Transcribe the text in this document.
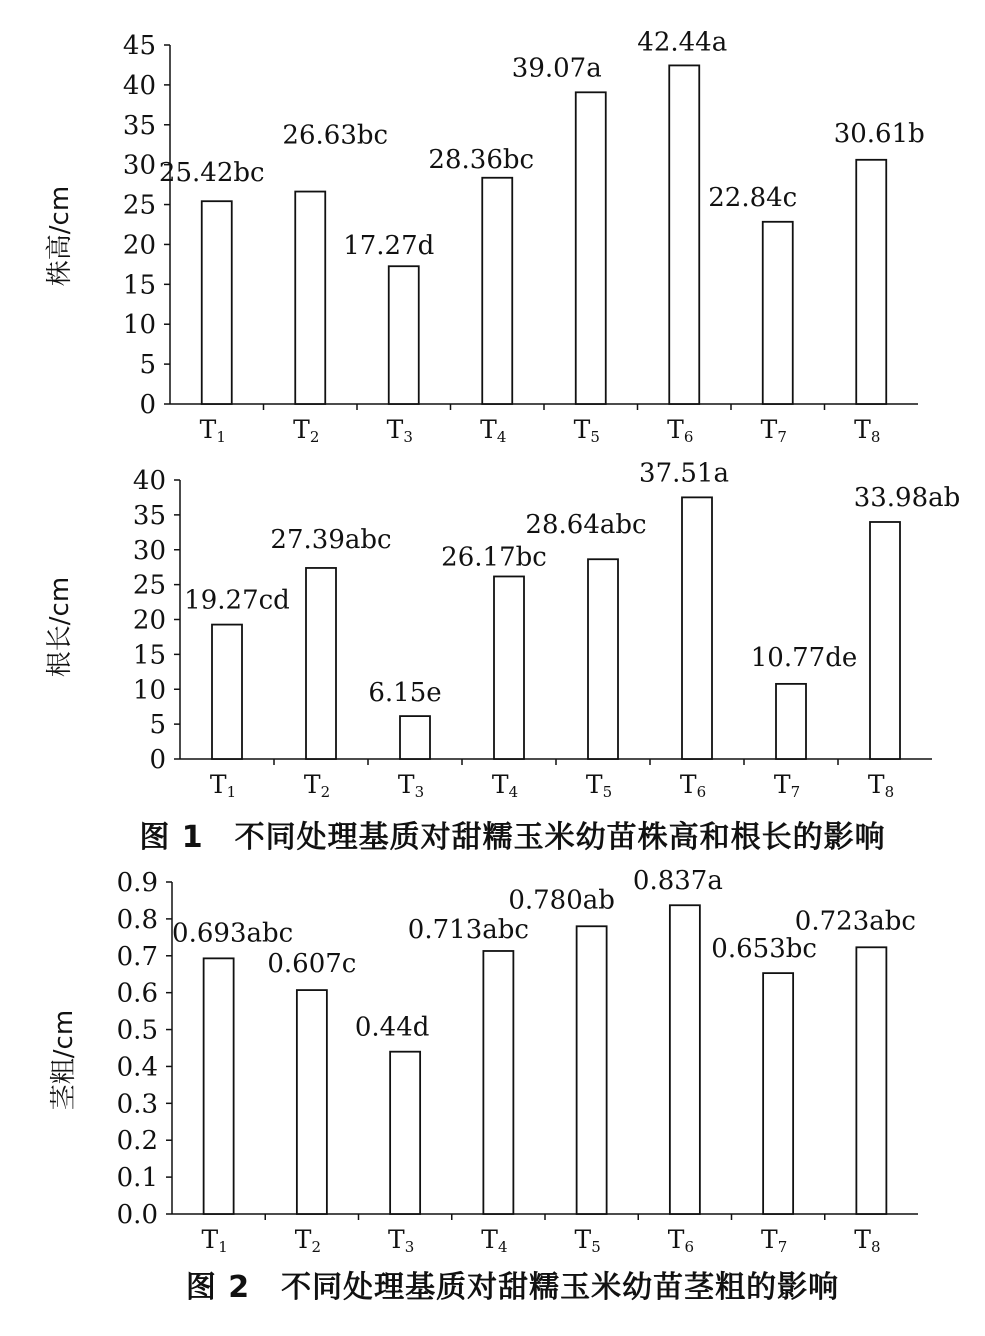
0
5
10
15
20
25
30
35
40
45
25.42bc
T1
26.63bc
T2
17.27d
T3
28.36bc
T4
39.07a
T5
42.44a
T6
22.84c
T7
30.61b
T8
株高/cm
0
5
10
15
20
25
30
35
40
19.27cd
T1
27.39abc
T2
6.15e
T3
26.17bc
T4
28.64abc
T5
37.51a
T6
10.77de
T7
33.98ab
T8
根长/cm
0.0
0.1
0.2
0.3
0.4
0.5
0.6
0.7
0.8
0.9
0.693abc
T1
0.607c
T2
0.44d
T3
0.713abc
T4
0.780ab
T5
0.837a
T6
0.653bc
T7
0.723abc
T8
茎粗/cm
图 1　不同处理基质对甜糯玉米幼苗株高和根长的影响
图 2　不同处理基质对甜糯玉米幼苗茎粗的影响
